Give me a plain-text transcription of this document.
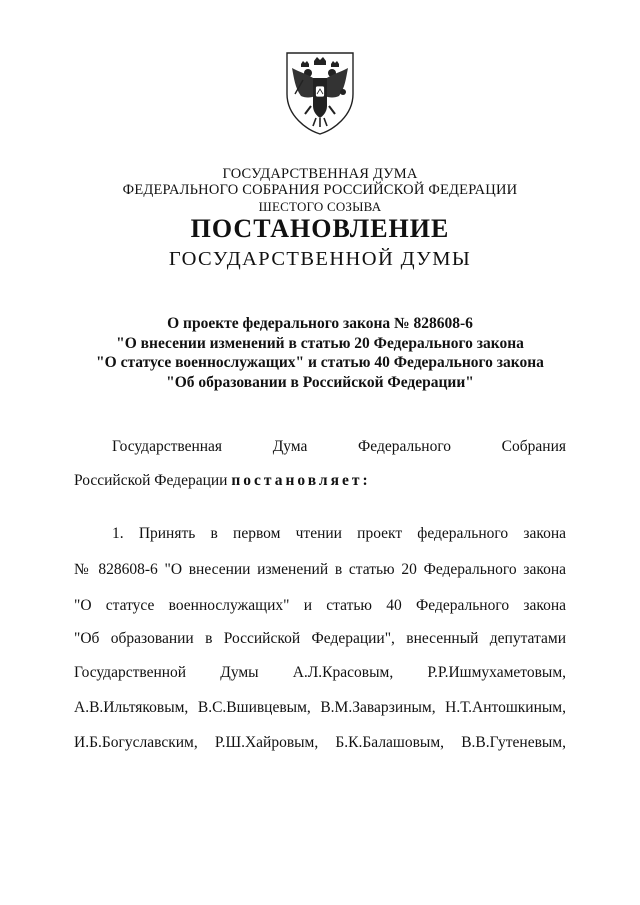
ГОСУДАРСТВЕННАЯ ДУМА
ФЕДЕРАЛЬНОГО СОБРАНИЯ РОССИЙСКОЙ ФЕДЕРАЦИИ
ШЕСТОГО СОЗЫВА
ПОСТАНОВЛЕНИЕ
ГОСУДАРСТВЕННОЙ ДУМЫ
О проекте федерального закона № 828608-6
"О внесении изменений в статью 20 Федерального закона
"О статусе военнослужащих" и статью 40 Федерального закона
"Об образовании в Российской Федерации"
Государственная Дума Федерального Собрания
Российской Федерации постановляет:
1. Принять в первом чтении проект федерального закона
№ 828608-6 "О внесении изменений в статью 20 Федерального закона
"О статусе военнослужащих" и статью 40 Федерального закона
"Об образовании в Российской Федерации", внесенный депутатами
Государственной Думы А.Л.Красовым, Р.Р.Ишмухаметовым,
А.В.Ильтяковым, В.С.Вшивцевым, В.М.Заварзиным, Н.Т.Антошкиным,
И.Б.Богуславским, Р.Ш.Хайровым, Б.К.Балашовым, В.В.Гутеневым,
